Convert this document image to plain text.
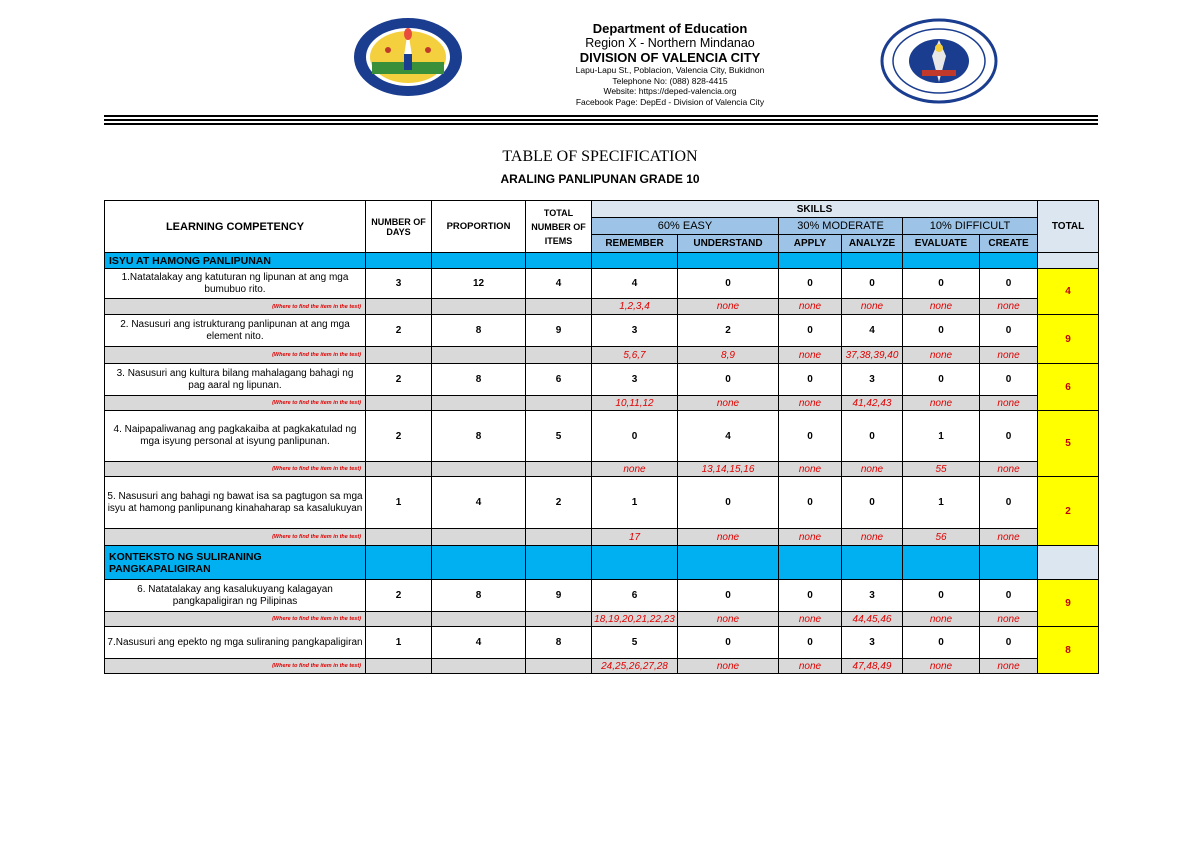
Department of Education
Region X - Northern Mindanao
DIVISION OF VALENCIA CITY
Lapu-Lapu St., Poblacion, Valencia City, Bukidnon
Telephone No: (088) 828-4415
Website: https://deped-valencia.org
Facebook Page: DepEd - Division of Valencia City
TABLE OF SPECIFICATION
ARALING PANLIPUNAN GRADE 10
LEARNING COMPETENCY	NUMBER OF DAYS	PROPORTION	TOTAL NUMBER OF ITEMS	SKILLS						TOTAL
				60% EASY		30% MODERATE		10% DIFFICULT		
				REMEMBER	UNDERSTAND	APPLY	ANALYZE	EVALUATE	CREATE	
ISYU AT HAMONG PANLIPUNAN										
1.Natatalakay ang katuturan ng lipunan at ang mga bumubuo rito.	3	12	4	4	0	0	0	0	0	4
(Where to find the item in the test)				1,2,3,4	none	none	none	none	none	
2. Nasusuri ang istrukturang panlipunan at ang mga element nito.	2	8	9	3	2	0	4	0	0	9
(Where to find the item in the test)				5,6,7	8,9	none	37,38,39,40	none	none	
3. Nasusuri ang kultura bilang mahalagang bahagi ng pag aaral ng lipunan.	2	8	6	3	0	0	3	0	0	6
(Where to find the item in the test)				10,11,12	none	none	41,42,43	none	none	
4. Naipapaliwanag ang pagkakaiba at pagkakatulad ng mga isyung personal at isyung panlipunan.	2	8	5	0	4	0	0	1	0	5
(Where to find the item in the test)				none	13,14,15,16	none	none	55	none	
5. Nasusuri ang bahagi ng bawat isa sa pagtugon sa mga isyu at hamong panlipunang kinahaharap sa kasalukuyan	1	4	2	1	0	0	0	1	0	2
(Where to find the item in the test)				17	none	none	none	56	none	
KONTEKSTO NG SULIRANING PANGKAPALIGIRAN										
6. Natatalakay ang kasalukuyang kalagayan pangkapaligiran ng Pilipinas	2	8	9	6	0	0	3	0	0	9
(Where to find the item in the test)				18,19,20,21,22,23	none	none	44,45,46	none	none	
7.Nasusuri ang epekto ng mga suliraning pangkapaligiran	1	4	8	5	0	0	3	0	0	8
(Where to find the item in the test)				24,25,26,27,28	none	none	47,48,49	none	none	
